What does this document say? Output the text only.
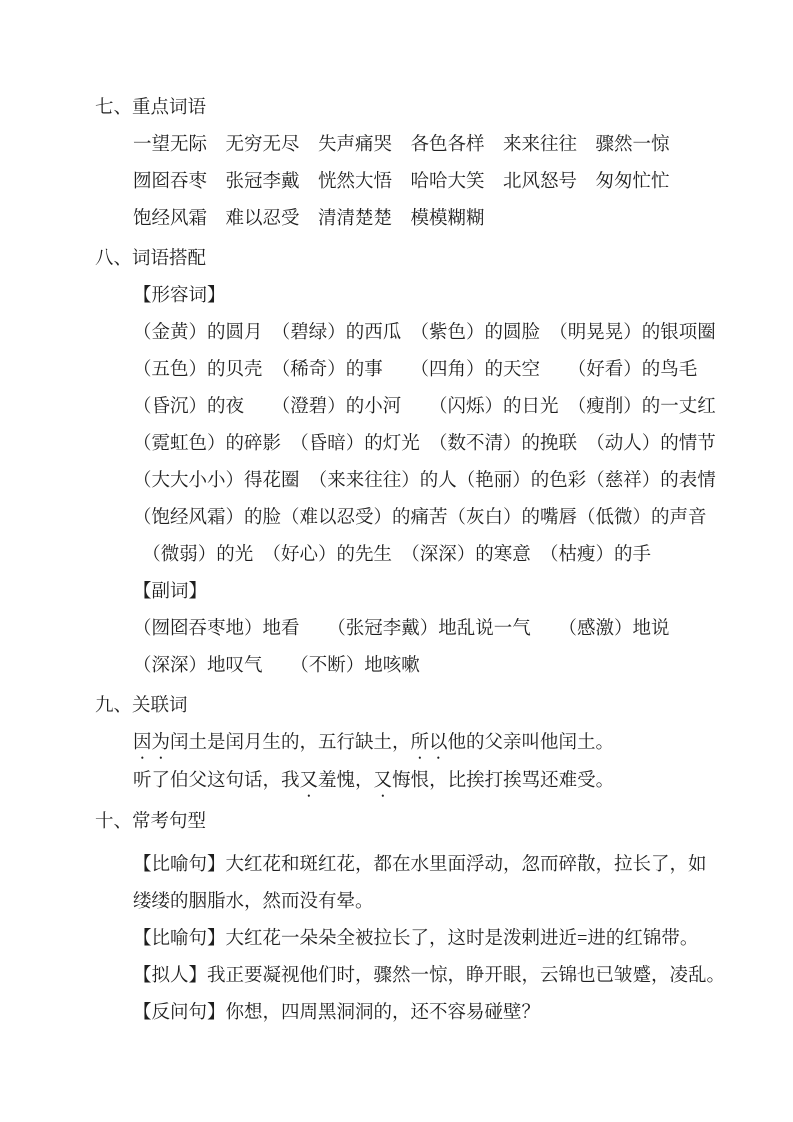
七、重点词语

一望无际　无穷无尽　失声痛哭　各色各样　来来往往　骤然一惊

囫囵吞枣　张冠李戴　恍然大悟　哈哈大笑　北风怒号　匆匆忙忙

饱经风霜　难以忍受　清清楚楚　模模糊糊

八、词语搭配

【形容词】

（金黄）的圆月　（碧绿）的西瓜　（紫色）的圆脸　（明晃晃）的银项圈

（五色）的贝壳　（稀奇）的事　　（四角）的天空　　（好看）的鸟毛

（昏沉）的夜　　（澄碧）的小河　　（闪烁）的日光　（瘦削）的一丈红

（霓虹色）的碎影　（昏暗）的灯光　（数不清）的挽联　（动人）的情节

（大大小小）得花圈　（来来往往）的人（艳丽）的色彩（慈祥）的表情

（饱经风霜）的脸（难以忍受）的痛苦（灰白）的嘴唇（低微）的声音

　（微弱）的光　（好心）的先生　（深深）的寒意　（枯瘦）的手

【副词】

（囫囵吞枣地）地看　　（张冠李戴）地乱说一气　　（感激）地说

（深深）地叹气　　（不断）地咳嗽

九、关联词

因为闰土是闰月生的，五行缺土，所以他的父亲叫他闰土。

听了伯父这句话，我又羞愧，又悔恨，比挨打挨骂还难受。

十、常考句型

【比喻句】大红花和斑红花，都在水里面浮动，忽而碎散，拉长了，如缕缕的胭脂水，然而没有晕。

【比喻句】大红花一朵朵全被拉长了，这时是泼剌进近=进的红锦带。

【拟人】我正要凝视他们时，骤然一惊，睁开眼，云锦也已皱蹙，凌乱。

【反问句】你想，四周黑洞洞的，还不容易碰壁？
